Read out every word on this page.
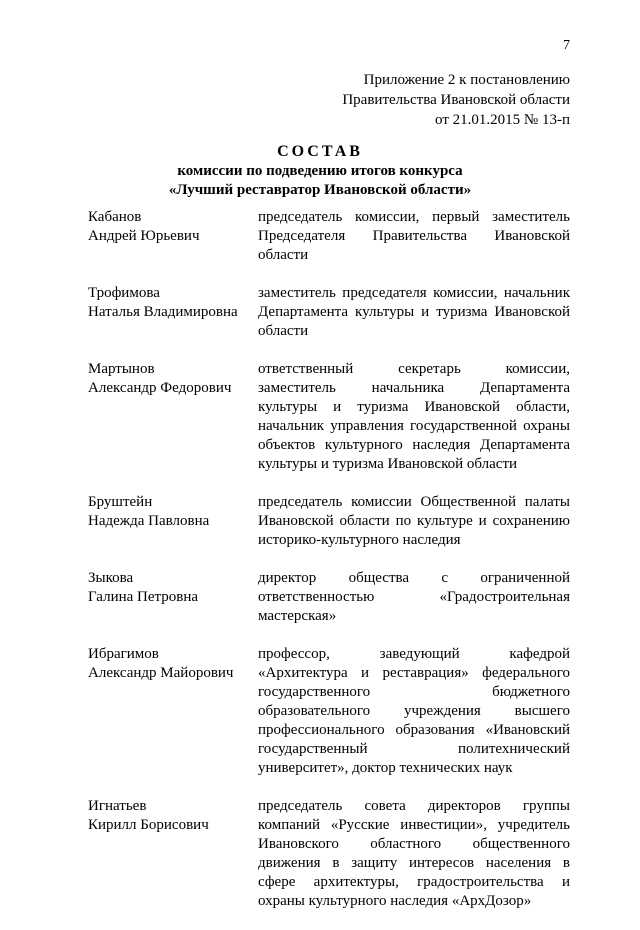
7
Приложение 2 к постановлению
Правительства Ивановской области
от 21.01.2015 № 13-п
СОСТАВ
комиссии по подведению итогов конкурса
«Лучший реставратор Ивановской области»
Кабанов
Андрей Юрьевич
председатель комиссии, первый заместитель
Председателя Правительства Ивановской
области
Трофимова
Наталья Владимировна
заместитель председателя комиссии, начальник
Департамента культуры и туризма Ивановской
области
Мартынов
Александр Федорович
ответственный секретарь комиссии,
заместитель начальника Департамента
культуры и туризма Ивановской области,
начальник управления государственной охраны
объектов культурного наследия Департамента
культуры и туризма Ивановской области
Бруштейн
Надежда Павловна
председатель комиссии Общественной палаты
Ивановской области по культуре и сохранению
историко-культурного наследия
Зыкова
Галина Петровна
директор общества с ограниченной
ответственностью «Градостроительная
мастерская»
Ибрагимов
Александр Майорович
профессор, заведующий кафедрой
«Архитектура и реставрация» федерального
государственного бюджетного
образовательного учреждения высшего
профессионального образования «Ивановский
государственный политехнический
университет», доктор технических наук
Игнатьев
Кирилл Борисович
председатель совета директоров группы
компаний «Русские инвестиции», учредитель
Ивановского областного общественного
движения в защиту интересов населения в
сфере архитектуры, градостроительства и
охраны культурного наследия «АрхДозор»
